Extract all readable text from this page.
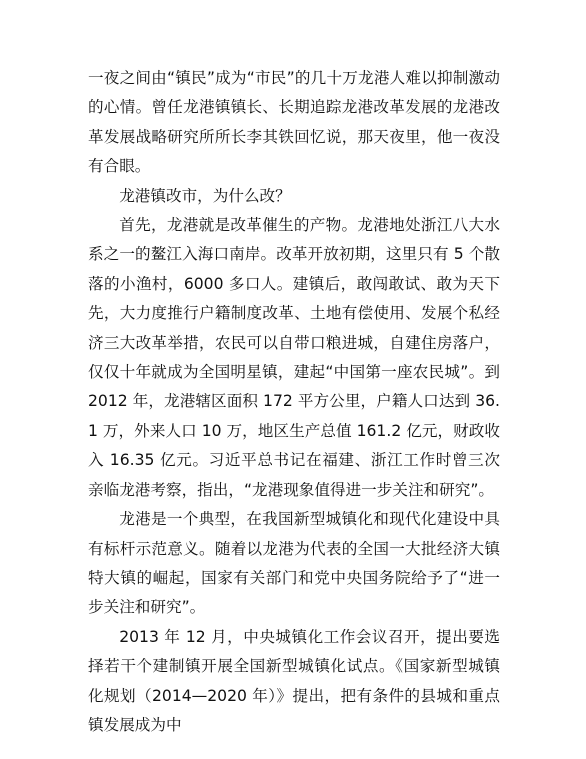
一夜之间由“镇民”成为“市民”的几十万龙港人难以抑制激动的心情。曾任龙港镇镇长、长期追踪龙港改革发展的龙港改革发展战略研究所所长李其铁回忆说，那天夜里，他一夜没有合眼。

龙港镇改市，为什么改？

首先，龙港就是改革催生的产物。龙港地处浙江八大水系之一的鳌江入海口南岸。改革开放初期，这里只有 5 个散落的小渔村，6000 多口人。建镇后，敢闯敢试、敢为天下先，大力度推行户籍制度改革、土地有偿使用、发展个私经济三大改革举措，农民可以自带口粮进城，自建住房落户，仅仅十年就成为全国明星镇，建起“中国第一座农民城”。到 2012 年，龙港辖区面积 172 平方公里，户籍人口达到 36.1 万，外来人口 10 万，地区生产总值 161.2 亿元，财政收入 16.35 亿元。习近平总书记在福建、浙江工作时曾三次亲临龙港考察，指出，“龙港现象值得进一步关注和研究”。

龙港是一个典型，在我国新型城镇化和现代化建设中具有标杆示范意义。随着以龙港为代表的全国一大批经济大镇特大镇的崛起，国家有关部门和党中央国务院给予了“进一步关注和研究”。

2013 年 12 月，中央城镇化工作会议召开，提出要选择若干个建制镇开展全国新型城镇化试点。《国家新型城镇化规划（2014—2020 年）》提出，把有条件的县城和重点镇发展成为中
